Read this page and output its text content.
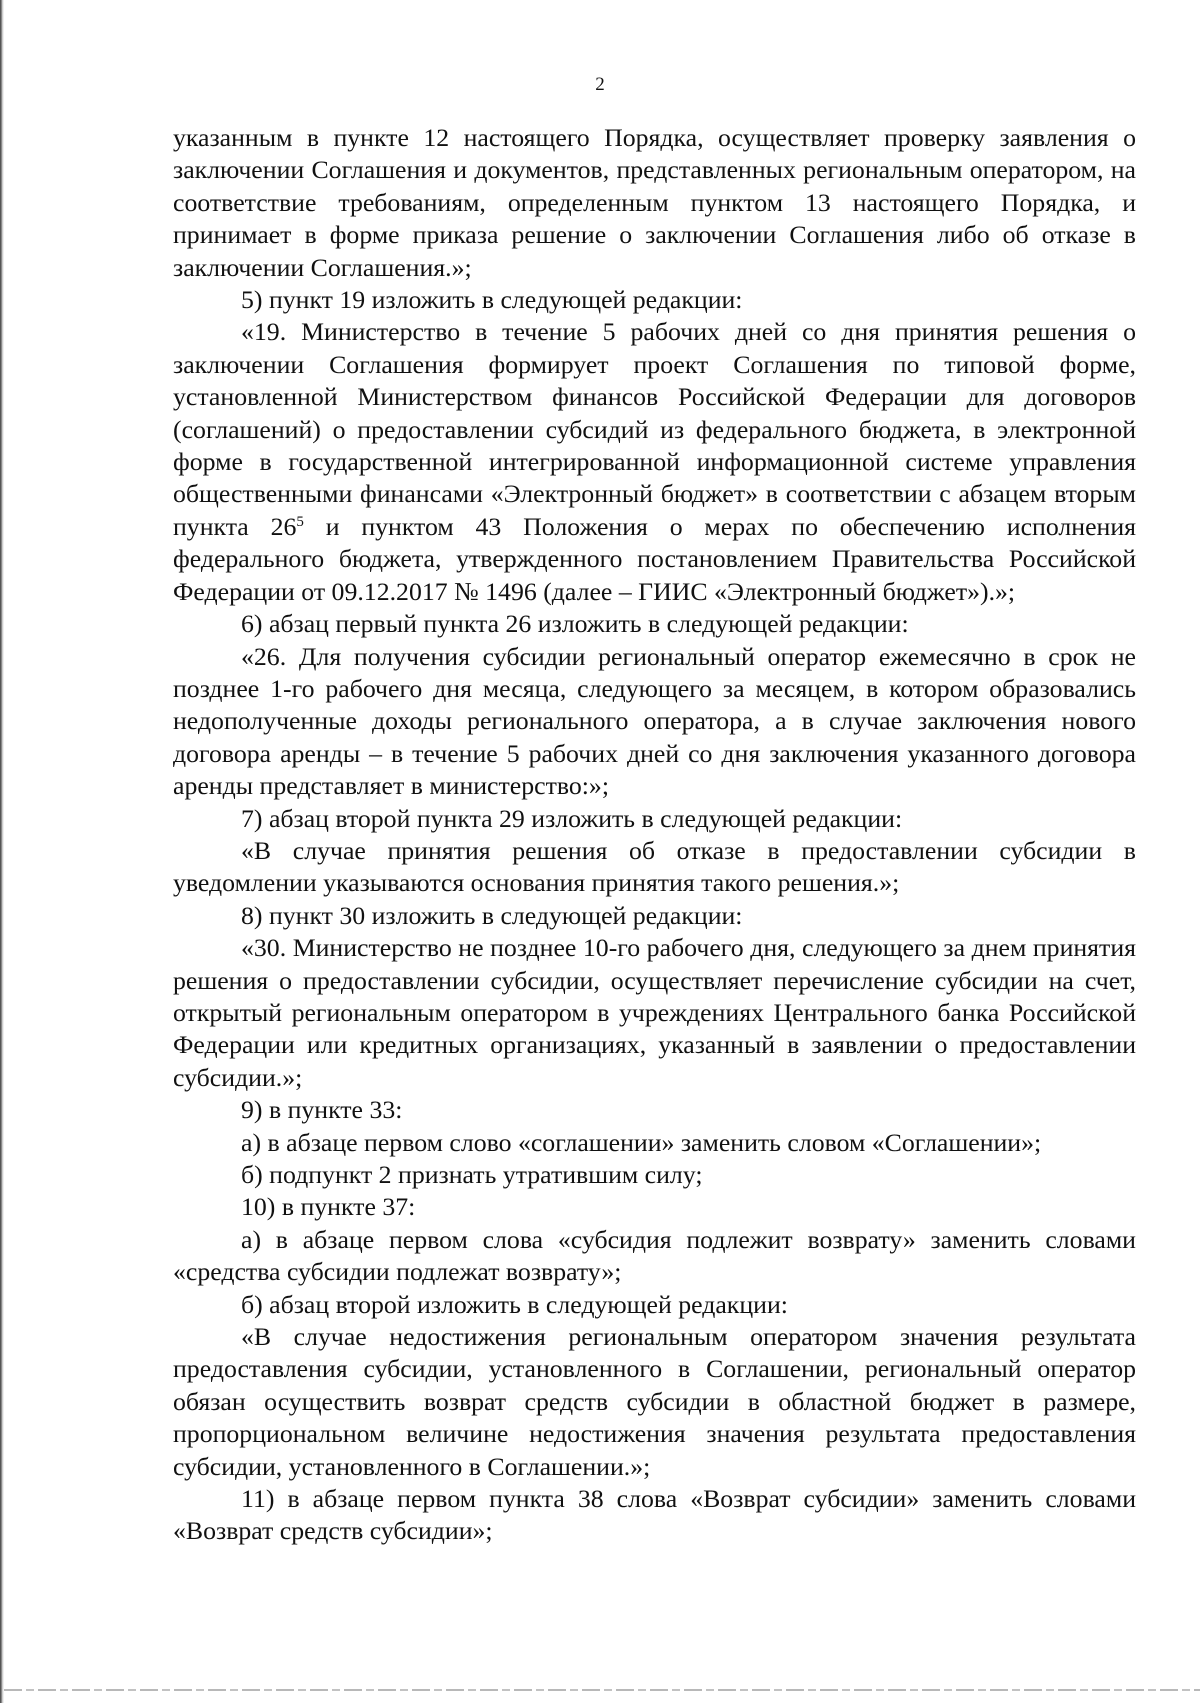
2

указанным в пункте 12 настоящего Порядка, осуществляет проверку заявления о заключении Соглашения и документов, представленных региональным оператором, на соответствие требованиям, определенным пунктом 13 настоящего Порядка, и принимает в форме приказа решение о заключении Соглашения либо об отказе в заключении Соглашения.»;

5) пункт 19 изложить в следующей редакции:

«19. Министерство в течение 5 рабочих дней со дня принятия решения о заключении Соглашения формирует проект Соглашения по типовой форме, установленной Министерством финансов Российской Федерации для договоров (соглашений) о предоставлении субсидий из федерального бюджета, в электронной форме в государственной интегрированной информационной системе управления общественными финансами «Электронный бюджет» в соответствии с абзацем вторым пункта $26^5$ и пунктом 43 Положения о мерах по обеспечению исполнения федерального бюджета, утвержденного постановлением Правительства Российской Федерации от 09.12.2017 № 1496 (далее – ГИИС «Электронный бюджет»).»;

6) абзац первый пункта 26 изложить в следующей редакции:

«26. Для получения субсидии региональный оператор ежемесячно в срок не позднее 1-го рабочего дня месяца, следующего за месяцем, в котором образовались недополученные доходы регионального оператора, а в случае заключения нового договора аренды – в течение 5 рабочих дней со дня заключения указанного договора аренды представляет в министерство:»;

7) абзац второй пункта 29 изложить в следующей редакции:

«В случае принятия решения об отказе в предоставлении субсидии в уведомлении указываются основания принятия такого решения.»;

8) пункт 30 изложить в следующей редакции:

«30. Министерство не позднее 10-го рабочего дня, следующего за днем принятия решения о предоставлении субсидии, осуществляет перечисление субсидии на счет, открытый региональным оператором в учреждениях Центрального банка Российской Федерации или кредитных организациях, указанный в заявлении о предоставлении субсидии.»;

9) в пункте 33:

а) в абзаце первом слово «соглашении» заменить словом «Соглашении»;

б) подпункт 2 признать утратившим силу;

10) в пункте 37:

а) в абзаце первом слова «субсидия подлежит возврату» заменить словами «средства субсидии подлежат возврату»;

б) абзац второй изложить в следующей редакции:

«В случае недостижения региональным оператором значения результата предоставления субсидии, установленного в Соглашении, региональный оператор обязан осуществить возврат средств субсидии в областной бюджет в размере, пропорциональном величине недостижения значения результата предоставления субсидии, установленного в Соглашении.»;

11) в абзаце первом пункта 38 слова «Возврат субсидии» заменить словами «Возврат средств субсидии»;
